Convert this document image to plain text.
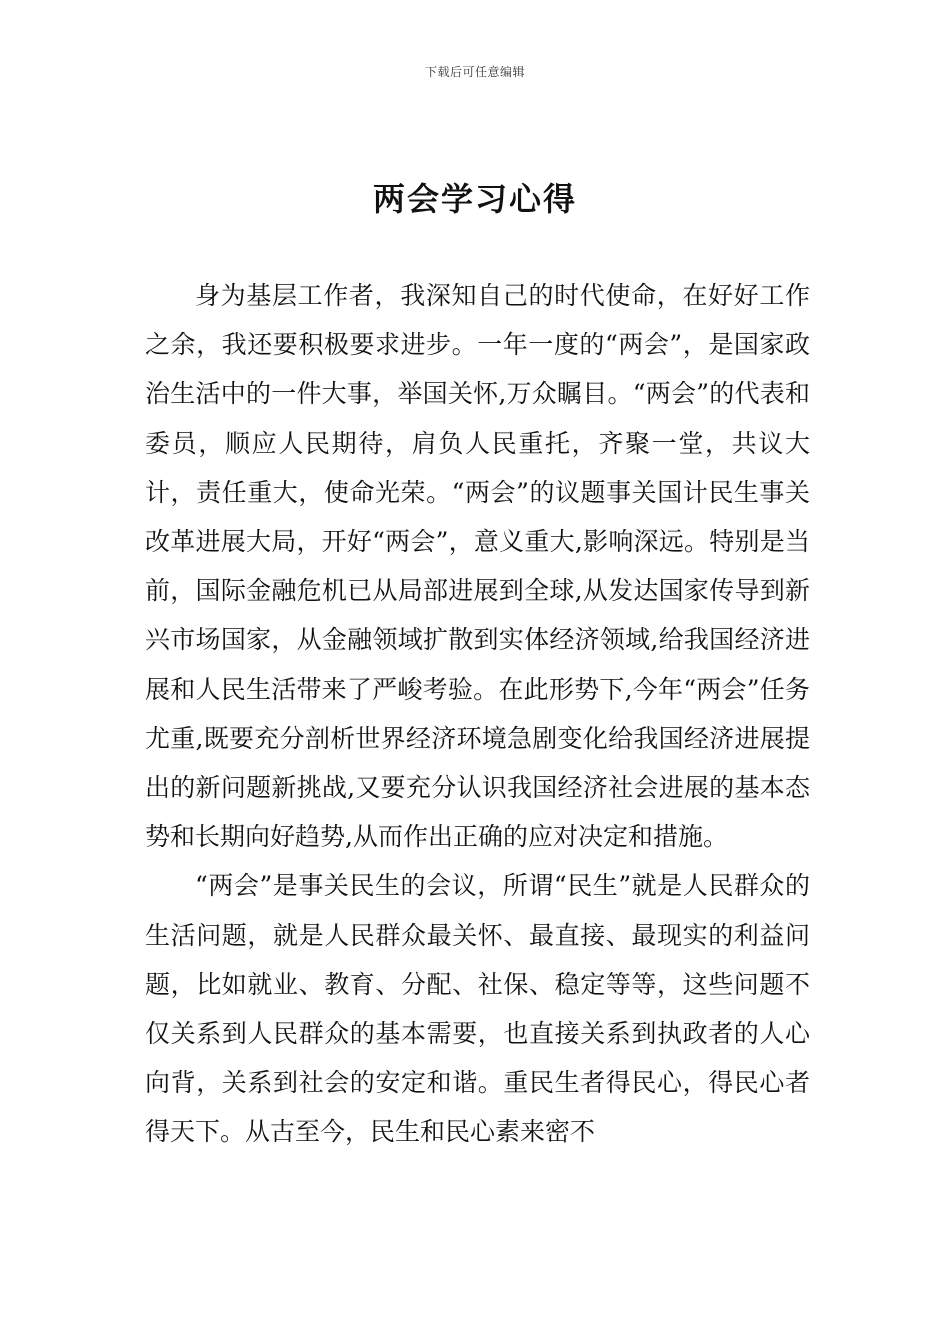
下载后可任意编辑
两会学习心得

身为基层工作者，我深知自己的时代使命，在好好工作之余，我还要积极要求进步。一年一度的“两会”，是国家政治生活中的一件大事，举国关怀,万众瞩目。“两会”的代表和委员，顺应人民期待，肩负人民重托，齐聚一堂，共议大计，责任重大，使命光荣。“两会”的议题事关国计民生事关改革进展大局，开好“两会”，意义重大,影响深远。特别是当前，国际金融危机已从局部进展到全球,从发达国家传导到新兴市场国家，从金融领域扩散到实体经济领域,给我国经济进展和人民生活带来了严峻考验。在此形势下,今年“两会”任务尤重,既要充分剖析世界经济环境急剧变化给我国经济进展提出的新问题新挑战,又要充分认识我国经济社会进展的基本态势和长期向好趋势,从而作出正确的应对决定和措施。

“两会”是事关民生的会议，所谓“民生”就是人民群众的生活问题，就是人民群众最关怀、最直接、最现实的利益问题，比如就业、教育、分配、社保、稳定等等，这些问题不仅关系到人民群众的基本需要，也直接关系到执政者的人心向背，关系到社会的安定和谐。重民生者得民心，得民心者得天下。从古至今，民生和民心素来密不
